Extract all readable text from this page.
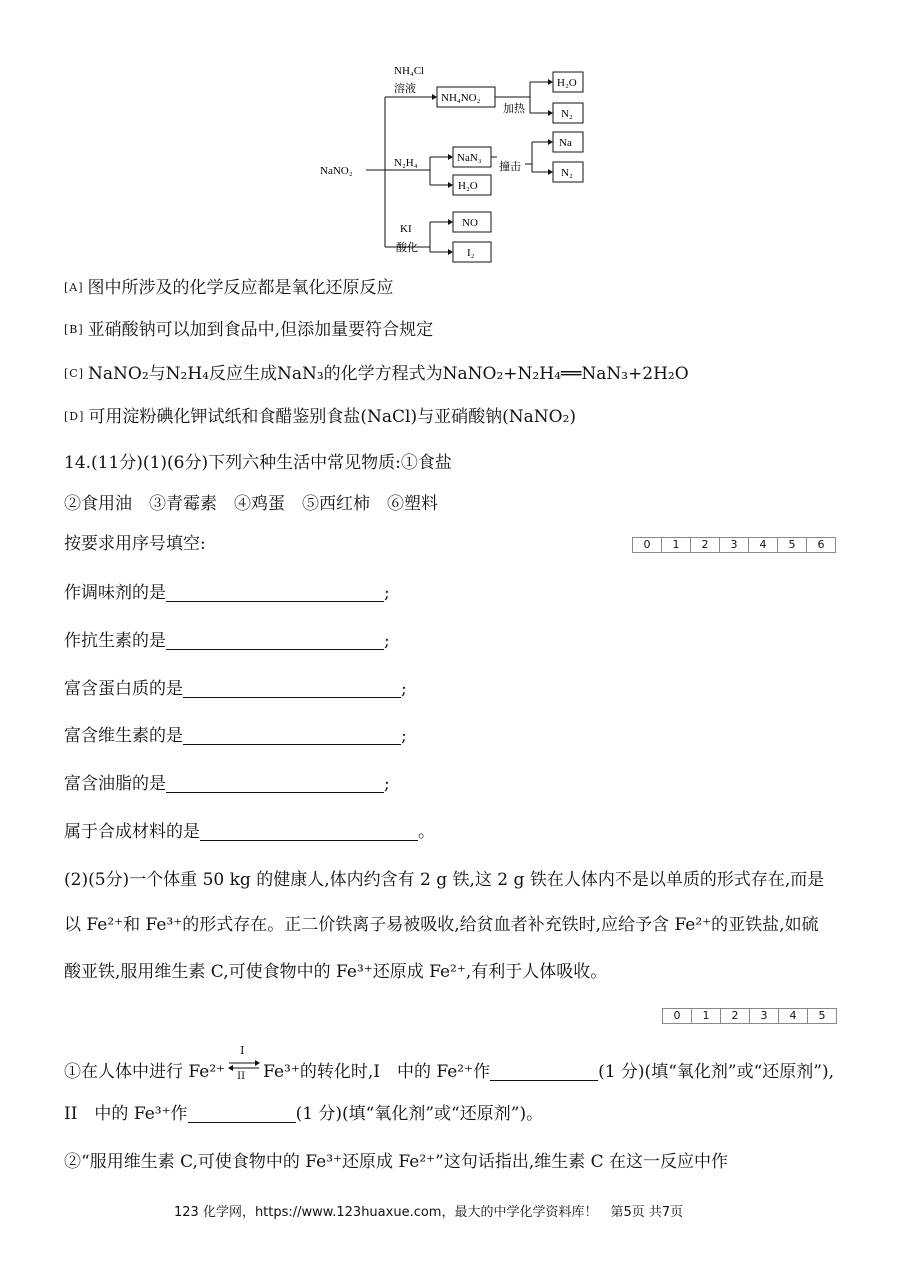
NaNO₂
NH₄Cl
溶液
NH₄NO₂
加热
H₂O
N₂
N₂H₄	NaN₃
H₂O
撞击
Na
N₂
KI
酸化
NO
I₂
[A] 图中所涉及的化学反应都是氧化还原反应
[B] 亚硝酸钠可以加到食品中,但添加量要符合规定
[C] NaNO₂与N₂H₄反应生成NaN₃的化学方程式为NaNO₂+N₂H₄══NaN₃+2H₂O
[D] 可用淀粉碘化钾试纸和食醋鉴别食盐(NaCl)与亚硝酸钠(NaNO₂)
14.(11分)(1)(6分)下列六种生活中常见物质:①食盐
②食用油　③青霉素　④鸡蛋　⑤西红柿　⑥塑料
按要求用序号填空:	0	1	2	3	4	5	6
作调味剂的是	;
作抗生素的是	;
富含蛋白质的是	;
富含维生素的是	;
富含油脂的是	;
属于合成材料的是	。
(2)(5分)一个体重 50 kg 的健康人,体内约含有 2 g 铁,这 2 g 铁在人体内不是以单质的形式存在,而是
以 Fe²⁺和 Fe³⁺的形式存在。正二价铁离子易被吸收,给贫血者补充铁时,应给予含 Fe²⁺的亚铁盐,如硫
酸亚铁,服用维生素 C,可使食物中的 Fe³⁺还原成 Fe²⁺,有利于人体吸收。
0	1	2	3	4	5
①在人体中进行 Fe²⁺
I
II Fe³⁺的转化时,I　中的 Fe²⁺作	(1 分)(填“氧化剂”或“还原剂”),
II　中的 Fe³⁺作	(1 分)(填“氧化剂”或“还原剂”)。
②“服用维生素 C,可使食物中的 Fe³⁺还原成 Fe²⁺”这句话指出,维生素 C 在这一反应中作
123 化学网，https://www.123huaxue.com，最大的中学化学资料库！　第5页 共7页
